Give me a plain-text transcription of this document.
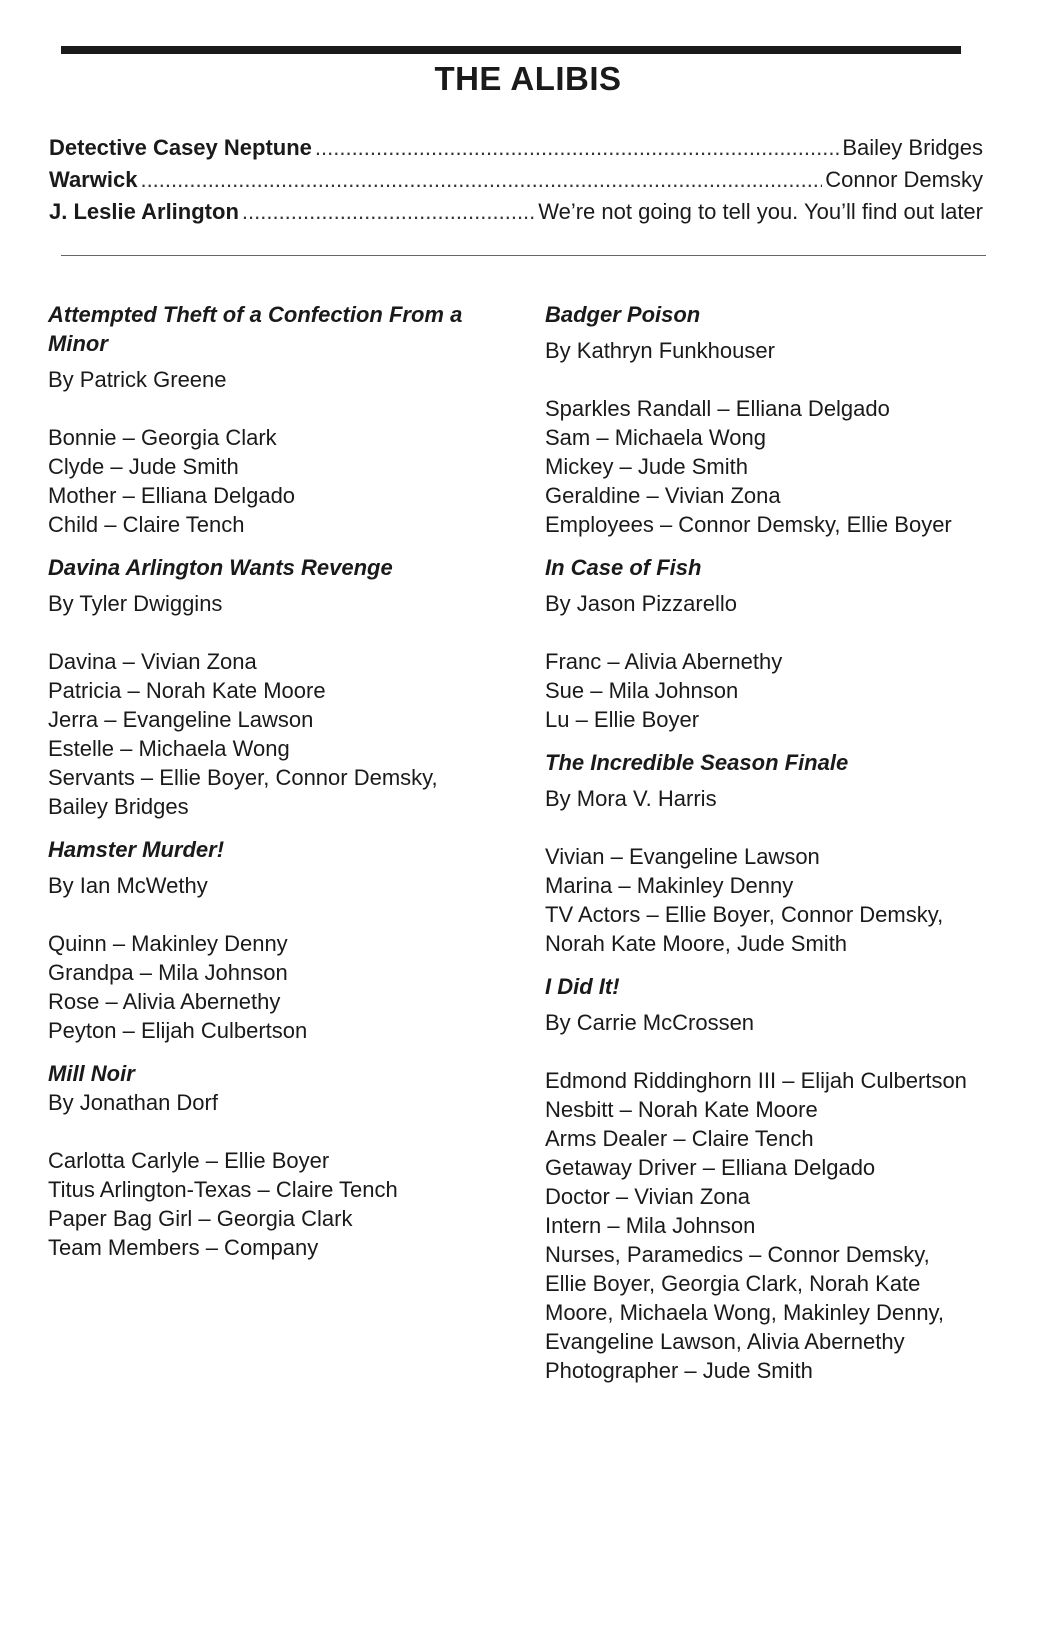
THE ALIBIS
Detective Casey Neptune .....	Bailey Bridges
Warwick .....	Connor Demsky
J. Leslie Arlington .....	We’re not going to tell you. You’ll find out later
Attempted Theft of a Confection From a Minor
By Patrick Greene
Bonnie – Georgia Clark
Clyde – Jude Smith
Mother – Elliana Delgado
Child – Claire Tench
Davina Arlington Wants Revenge
By Tyler Dwiggins
Davina – Vivian Zona
Patricia – Norah Kate Moore
Jerra – Evangeline Lawson
Estelle – Michaela Wong
Servants – Ellie Boyer, Connor Demsky,
Bailey Bridges
Hamster Murder!
By Ian McWethy
Quinn – Makinley Denny
Grandpa – Mila Johnson
Rose – Alivia Abernethy
Peyton – Elijah Culbertson
Mill Noir
By Jonathan Dorf
Carlotta Carlyle – Ellie Boyer
Titus Arlington-Texas – Claire Tench
Paper Bag Girl – Georgia Clark
Team Members – Company
Badger Poison
By Kathryn Funkhouser
Sparkles Randall – Elliana Delgado
Sam – Michaela Wong
Mickey – Jude Smith
Geraldine – Vivian Zona
Employees – Connor Demsky, Ellie Boyer
In Case of Fish
By Jason Pizzarello
Franc – Alivia Abernethy
Sue – Mila Johnson
Lu – Ellie Boyer
The Incredible Season Finale
By Mora V. Harris
Vivian – Evangeline Lawson
Marina – Makinley Denny
TV Actors – Ellie Boyer, Connor Demsky,
Norah Kate Moore, Jude Smith
I Did It!
By Carrie McCrossen
Edmond Riddinghorn III – Elijah Culbertson
Nesbitt – Norah Kate Moore
Arms Dealer – Claire Tench
Getaway Driver – Elliana Delgado
Doctor – Vivian Zona
Intern – Mila Johnson
Nurses, Paramedics – Connor Demsky,
Ellie Boyer, Georgia Clark, Norah Kate
Moore, Michaela Wong, Makinley Denny,
Evangeline Lawson, Alivia Abernethy
Photographer – Jude Smith
